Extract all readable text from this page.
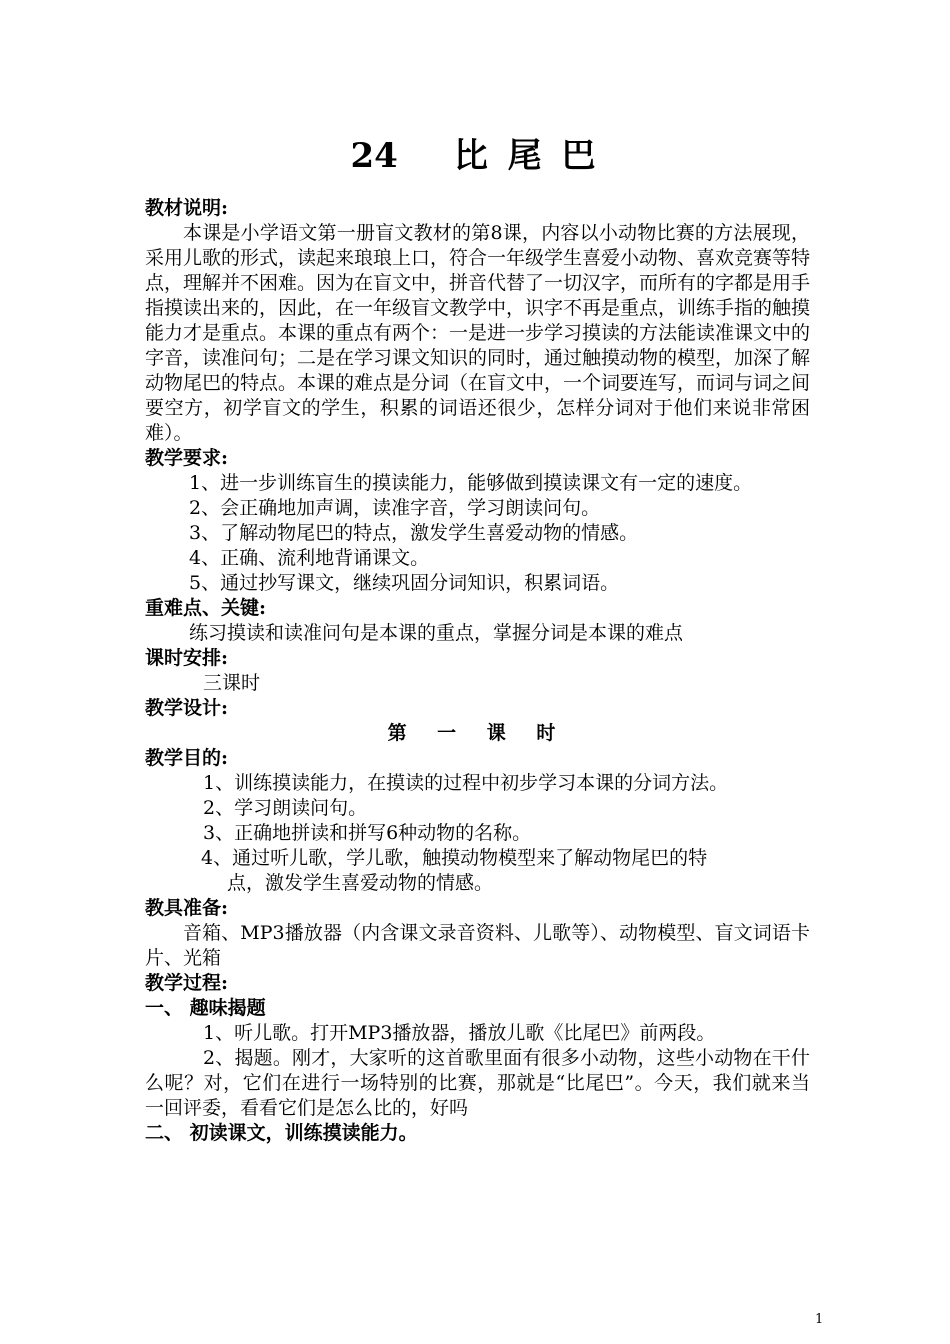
24 比 尾 巴
教材说明:
本课是小学语文第一册盲文教材的第8课，内容以小动物比赛的方法展现，采用儿歌的形式，读起来琅琅上口，符合一年级学生喜爱小动物、喜欢竞赛等特点，理解并不困难。因为在盲文中，拼音代替了一切汉字，而所有的字都是用手指摸读出来的，因此，在一年级盲文教学中，识字不再是重点，训练手指的触摸能力才是重点。本课的重点有两个：一是进一步学习摸读的方法能读准课文中的字音，读准问句；二是在学习课文知识的同时，通过触摸动物的模型，加深了解动物尾巴的特点。本课的难点是分词（在盲文中，一个词要连写，而词与词之间要空方，初学盲文的学生，积累的词语还很少，怎样分词对于他们来说非常困难）。
教学要求:
1、进一步训练盲生的摸读能力，能够做到摸读课文有一定的速度。
2、会正确地加声调，读准字音，学习朗读问句。
3、了解动物尾巴的特点，激发学生喜爱动物的情感。
4、正确、流利地背诵课文。
5、通过抄写课文，继续巩固分词知识，积累词语。
重难点、关键:
练习摸读和读准问句是本课的重点，掌握分词是本课的难点
课时安排:
三课时
教学设计:
第 一 课 时
教学目的:
1、训练摸读能力，在摸读的过程中初步学习本课的分词方法。
2、学习朗读问句。
3、正确地拼读和拼写6种动物的名称。
4、通过听儿歌，学儿歌，触摸动物模型来了解动物尾巴的特
点，激发学生喜爱动物的情感。
教具准备:
音箱、MP3播放器（内含课文录音资料、儿歌等）、动物模型、盲文词语卡片、光箱
教学过程:
一、 趣味揭题
1、听儿歌。打开MP3播放器，播放儿歌《比尾巴》前两段。
2、揭题。刚才，大家听的这首歌里面有很多小动物，这些小动物在干什么呢？对，它们在进行一场特别的比赛，那就是“比尾巴”。今天，我们就来当一回评委，看看它们是怎么比的，好吗
二、 初读课文，训练摸读能力。
1
